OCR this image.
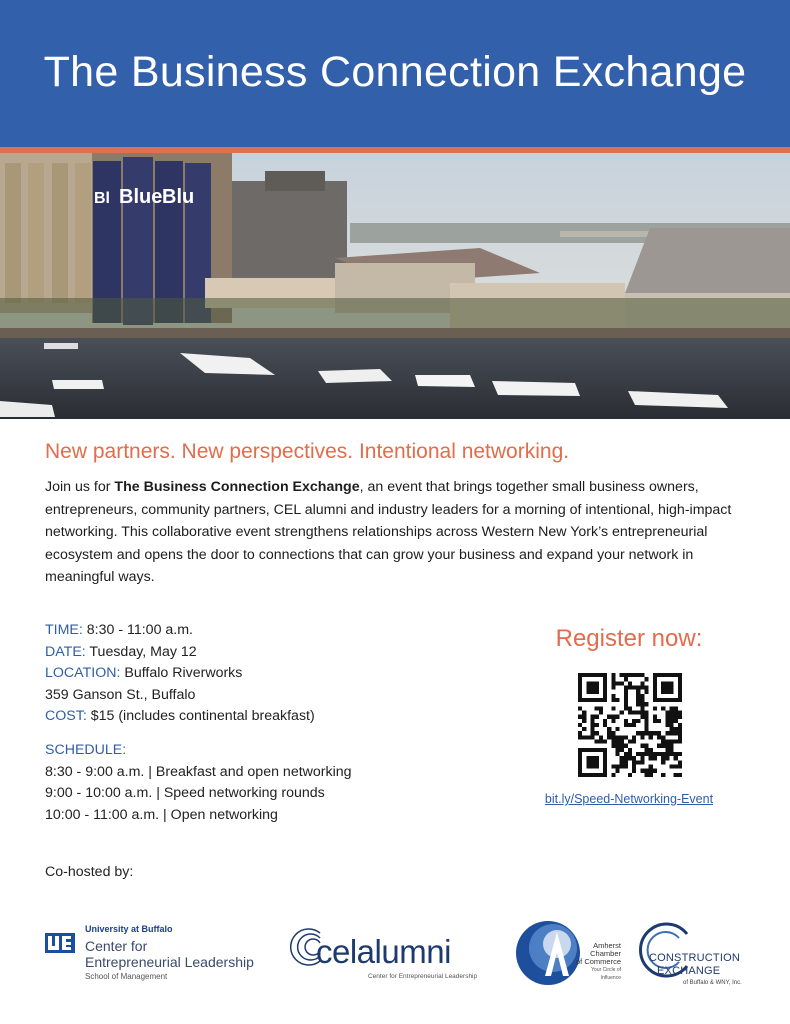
The Business Connection Exchange
Blue Blu
Bl
New partners. New perspectives. Intentional networking.

Join us for The Business Connection Exchange, an event that brings together small business owners, entrepreneurs, community partners, CEL alumni and industry leaders for a morning of intentional, high-impact networking. This collaborative event strengthens relationships across Western New York’s entrepreneurial ecosystem and opens the door to connections that can grow your business and expand your network in meaningful ways.

TIME: 8:30 - 11:00 a.m.
DATE: Tuesday, May 12
LOCATION: Buffalo Riverworks
359 Ganson St., Buffalo
COST: $15 (includes continental breakfast)
SCHEDULE:
8:30 - 9:00 a.m. | Breakfast and open networking
9:00 - 10:00 a.m. | Speed networking rounds
10:00 - 11:00 a.m. | Open networking
Register now:
bit.ly/Speed-Networking-Event
Co-hosted by:
University at Buffalo
Center for
Entrepreneurial Leadership
School of Management
celalumni
Center for Entrepreneurial Leadership
Amherst
Chamber
of Commerce
Your Circle of Influence
CONSTRUCTION
EXCHANGE
of Buffalo & WNY, Inc.
